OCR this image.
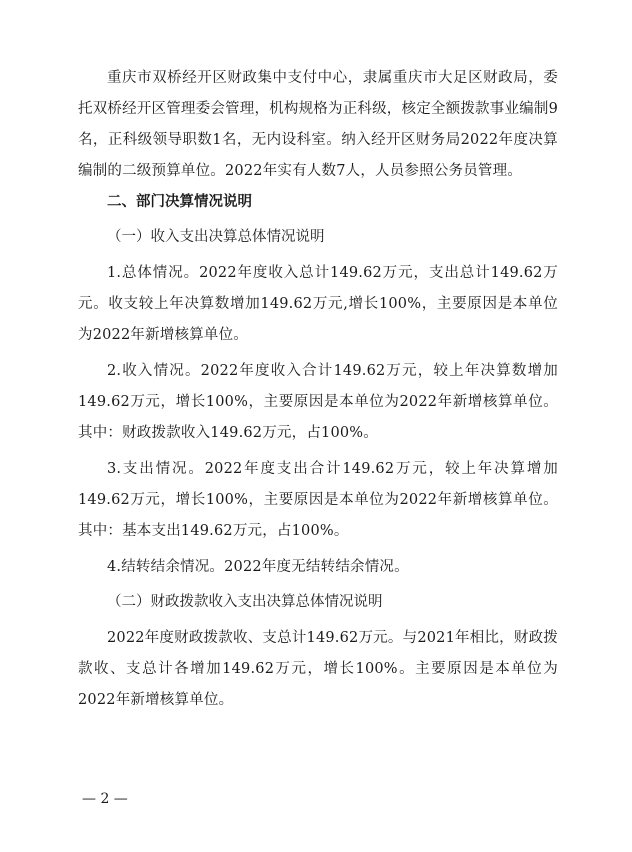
重庆市双桥经开区财政集中支付中心，隶属重庆市大足区财政局，委托双桥经开区管理委会管理，机构规格为正科级，核定全额拨款事业编制9名，正科级领导职数1名，无内设科室。纳入经开区财务局2022年度决算编制的二级预算单位。2022年实有人数7人，人员参照公务员管理。

二、部门决算情况说明

（一）收入支出决算总体情况说明

1.总体情况。2022年度收入总计149.62万元，支出总计149.62万元。收支较上年决算数增加149.62万元,增长100%，主要原因是本单位为2022年新增核算单位。

2.收入情况。2022年度收入合计149.62万元，较上年决算数增加149.62万元，增长100%，主要原因是本单位为2022年新增核算单位。其中：财政拨款收入149.62万元，占100%。

3.支出情况。2022年度支出合计149.62万元，较上年决算增加149.62万元，增长100%，主要原因是本单位为2022年新增核算单位。其中：基本支出149.62万元，占100%。

4.结转结余情况。2022年度无结转结余情况。

（二）财政拨款收入支出决算总体情况说明

2022年度财政拨款收、支总计149.62万元。与2021年相比，财政拨款收、支总计各增加149.62万元，增长100%。主要原因是本单位为2022年新增核算单位。

— 2 —
